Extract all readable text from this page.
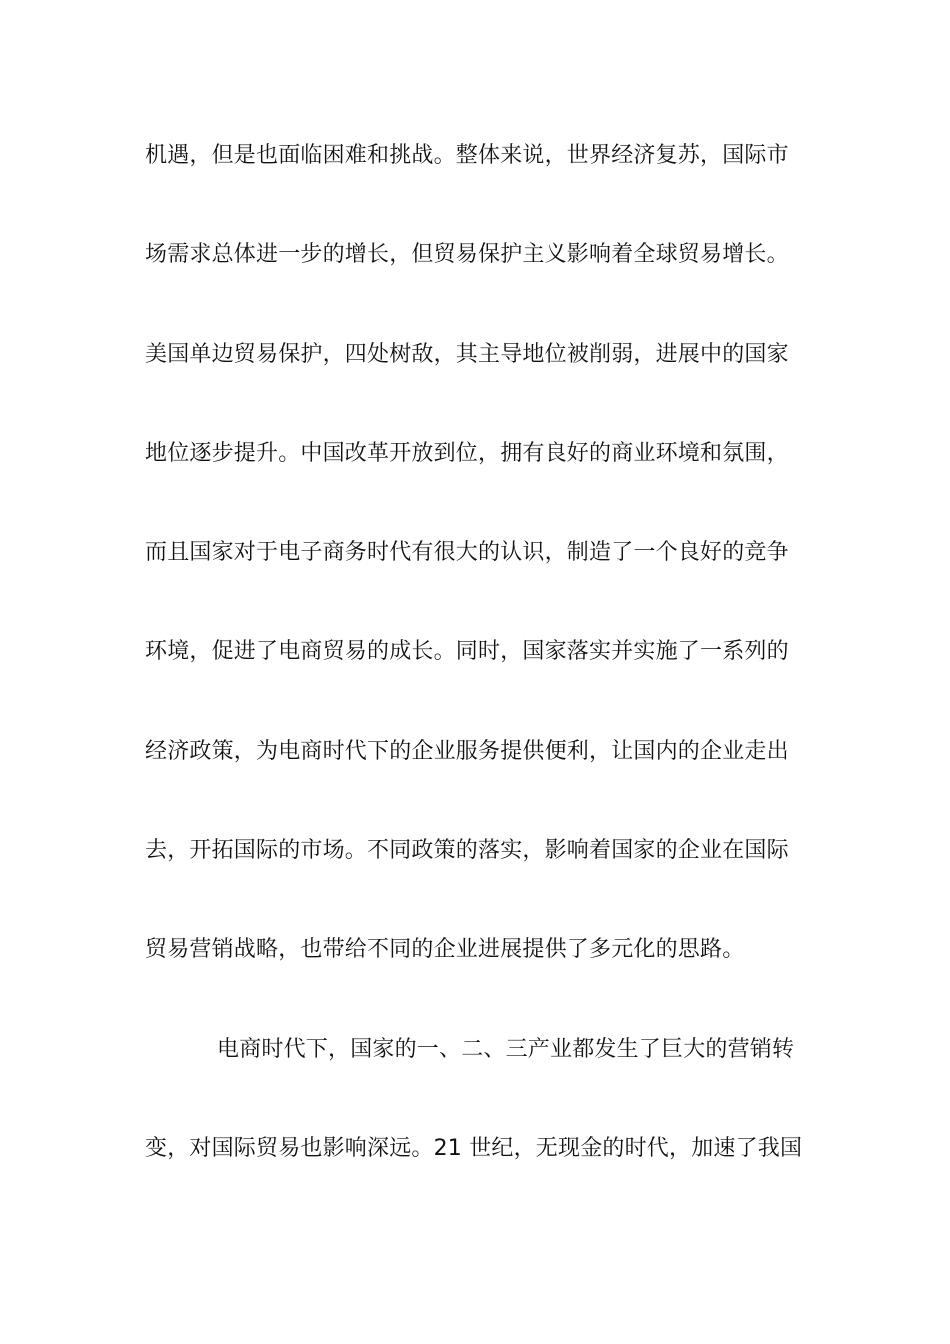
机遇，但是也面临困难和挑战。整体来说，世界经济复苏，国际市
场需求总体进一步的增长，但贸易保护主义影响着全球贸易增长。
美国单边贸易保护，四处树敌，其主导地位被削弱，进展中的国家
地位逐步提升。中国改革开放到位，拥有良好的商业环境和氛围，
而且国家对于电子商务时代有很大的认识，制造了一个良好的竞争
环境，促进了电商贸易的成长。同时，国家落实并实施了一系列的
经济政策，为电商时代下的企业服务提供便利，让国内的企业走出
去，开拓国际的市场。不同政策的落实，影响着国家的企业在国际
贸易营销战略，也带给不同的企业进展提供了多元化的思路。
电商时代下，国家的一、二、三产业都发生了巨大的营销转
变，对国际贸易也影响深远。21 世纪，无现金的时代，加速了我国
